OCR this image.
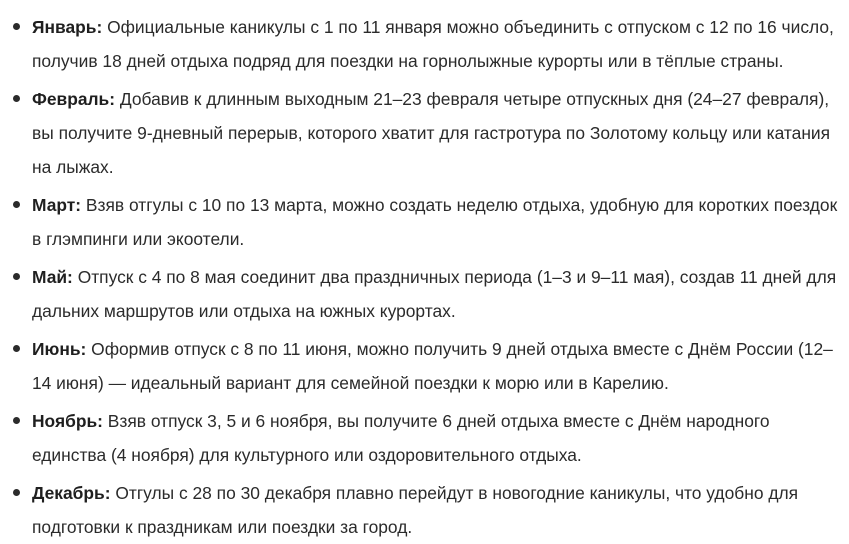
Январь: Официальные каникулы с 1 по 11 января можно объединить с отпуском с 12 по 16 число, получив 18 дней отдыха подряд для поездки на горнолыжные курорты или в тёплые страны.
Февраль: Добавив к длинным выходным 21–23 февраля четыре отпускных дня (24–27 февраля), вы получите 9-дневный перерыв, которого хватит для гастротура по Золотому кольцу или катания на лыжах.
Март: Взяв отгулы с 10 по 13 марта, можно создать неделю отдыха, удобную для коротких поездок в глэмпинги или экоотели.
Май: Отпуск с 4 по 8 мая соединит два праздничных периода (1–3 и 9–11 мая), создав 11 дней для дальних маршрутов или отдыха на южных курортах.
Июнь: Оформив отпуск с 8 по 11 июня, можно получить 9 дней отдыха вместе с Днём России (12–14 июня) — идеальный вариант для семейной поездки к морю или в Карелию.
Ноябрь: Взяв отпуск 3, 5 и 6 ноября, вы получите 6 дней отдыха вместе с Днём народного единства (4 ноября) для культурного или оздоровительного отдыха.
Декабрь: Отгулы с 28 по 30 декабря плавно перейдут в новогодние каникулы, что удобно для подготовки к праздникам или поездки за город.
